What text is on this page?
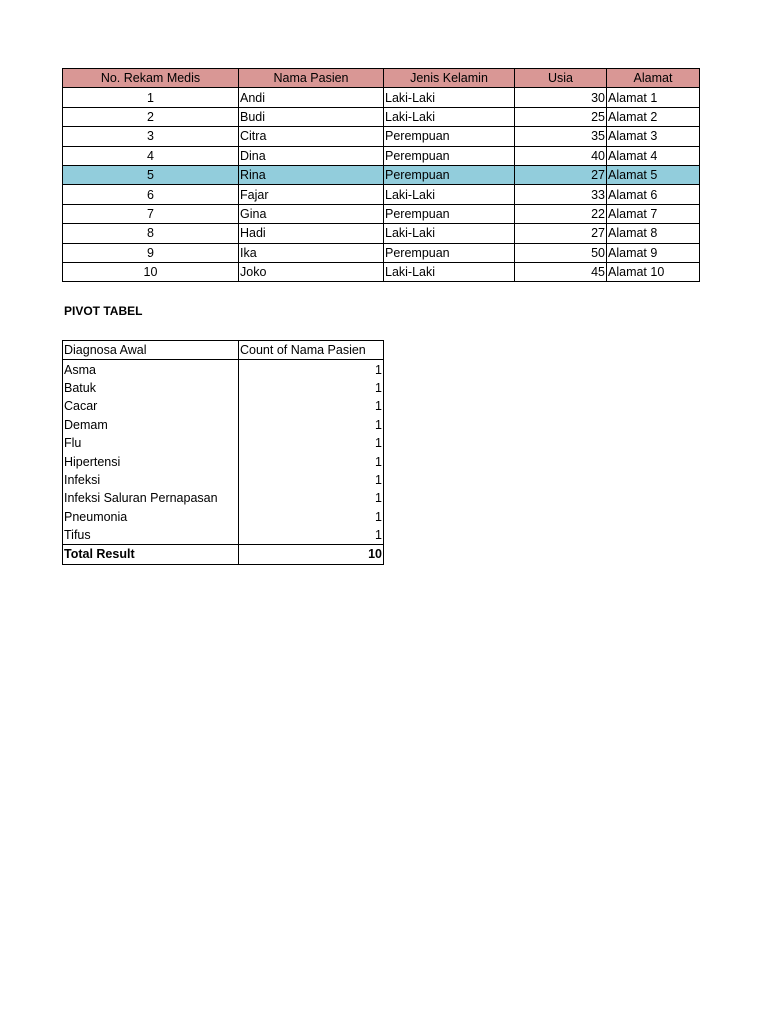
No. Rekam Medis	Nama Pasien	Jenis Kelamin	Usia	Alamat
1	Andi	Laki-Laki	30	Alamat 1
2	Budi	Laki-Laki	25	Alamat 2
3	Citra	Perempuan	35	Alamat 3
4	Dina	Perempuan	40	Alamat 4
5	Rina	Perempuan	27	Alamat 5
6	Fajar	Laki-Laki	33	Alamat 6
7	Gina	Perempuan	22	Alamat 7
8	Hadi	Laki-Laki	27	Alamat 8
9	Ika	Perempuan	50	Alamat 9
10	Joko	Laki-Laki	45	Alamat 10
PIVOT TABEL
Diagnosa Awal	Count of Nama Pasien
Asma	1
Batuk	1
Cacar	1
Demam	1
Flu	1
Hipertensi	1
Infeksi	1
Infeksi Saluran Pernapasan	1
Pneumonia	1
Tifus	1
Total Result	10
